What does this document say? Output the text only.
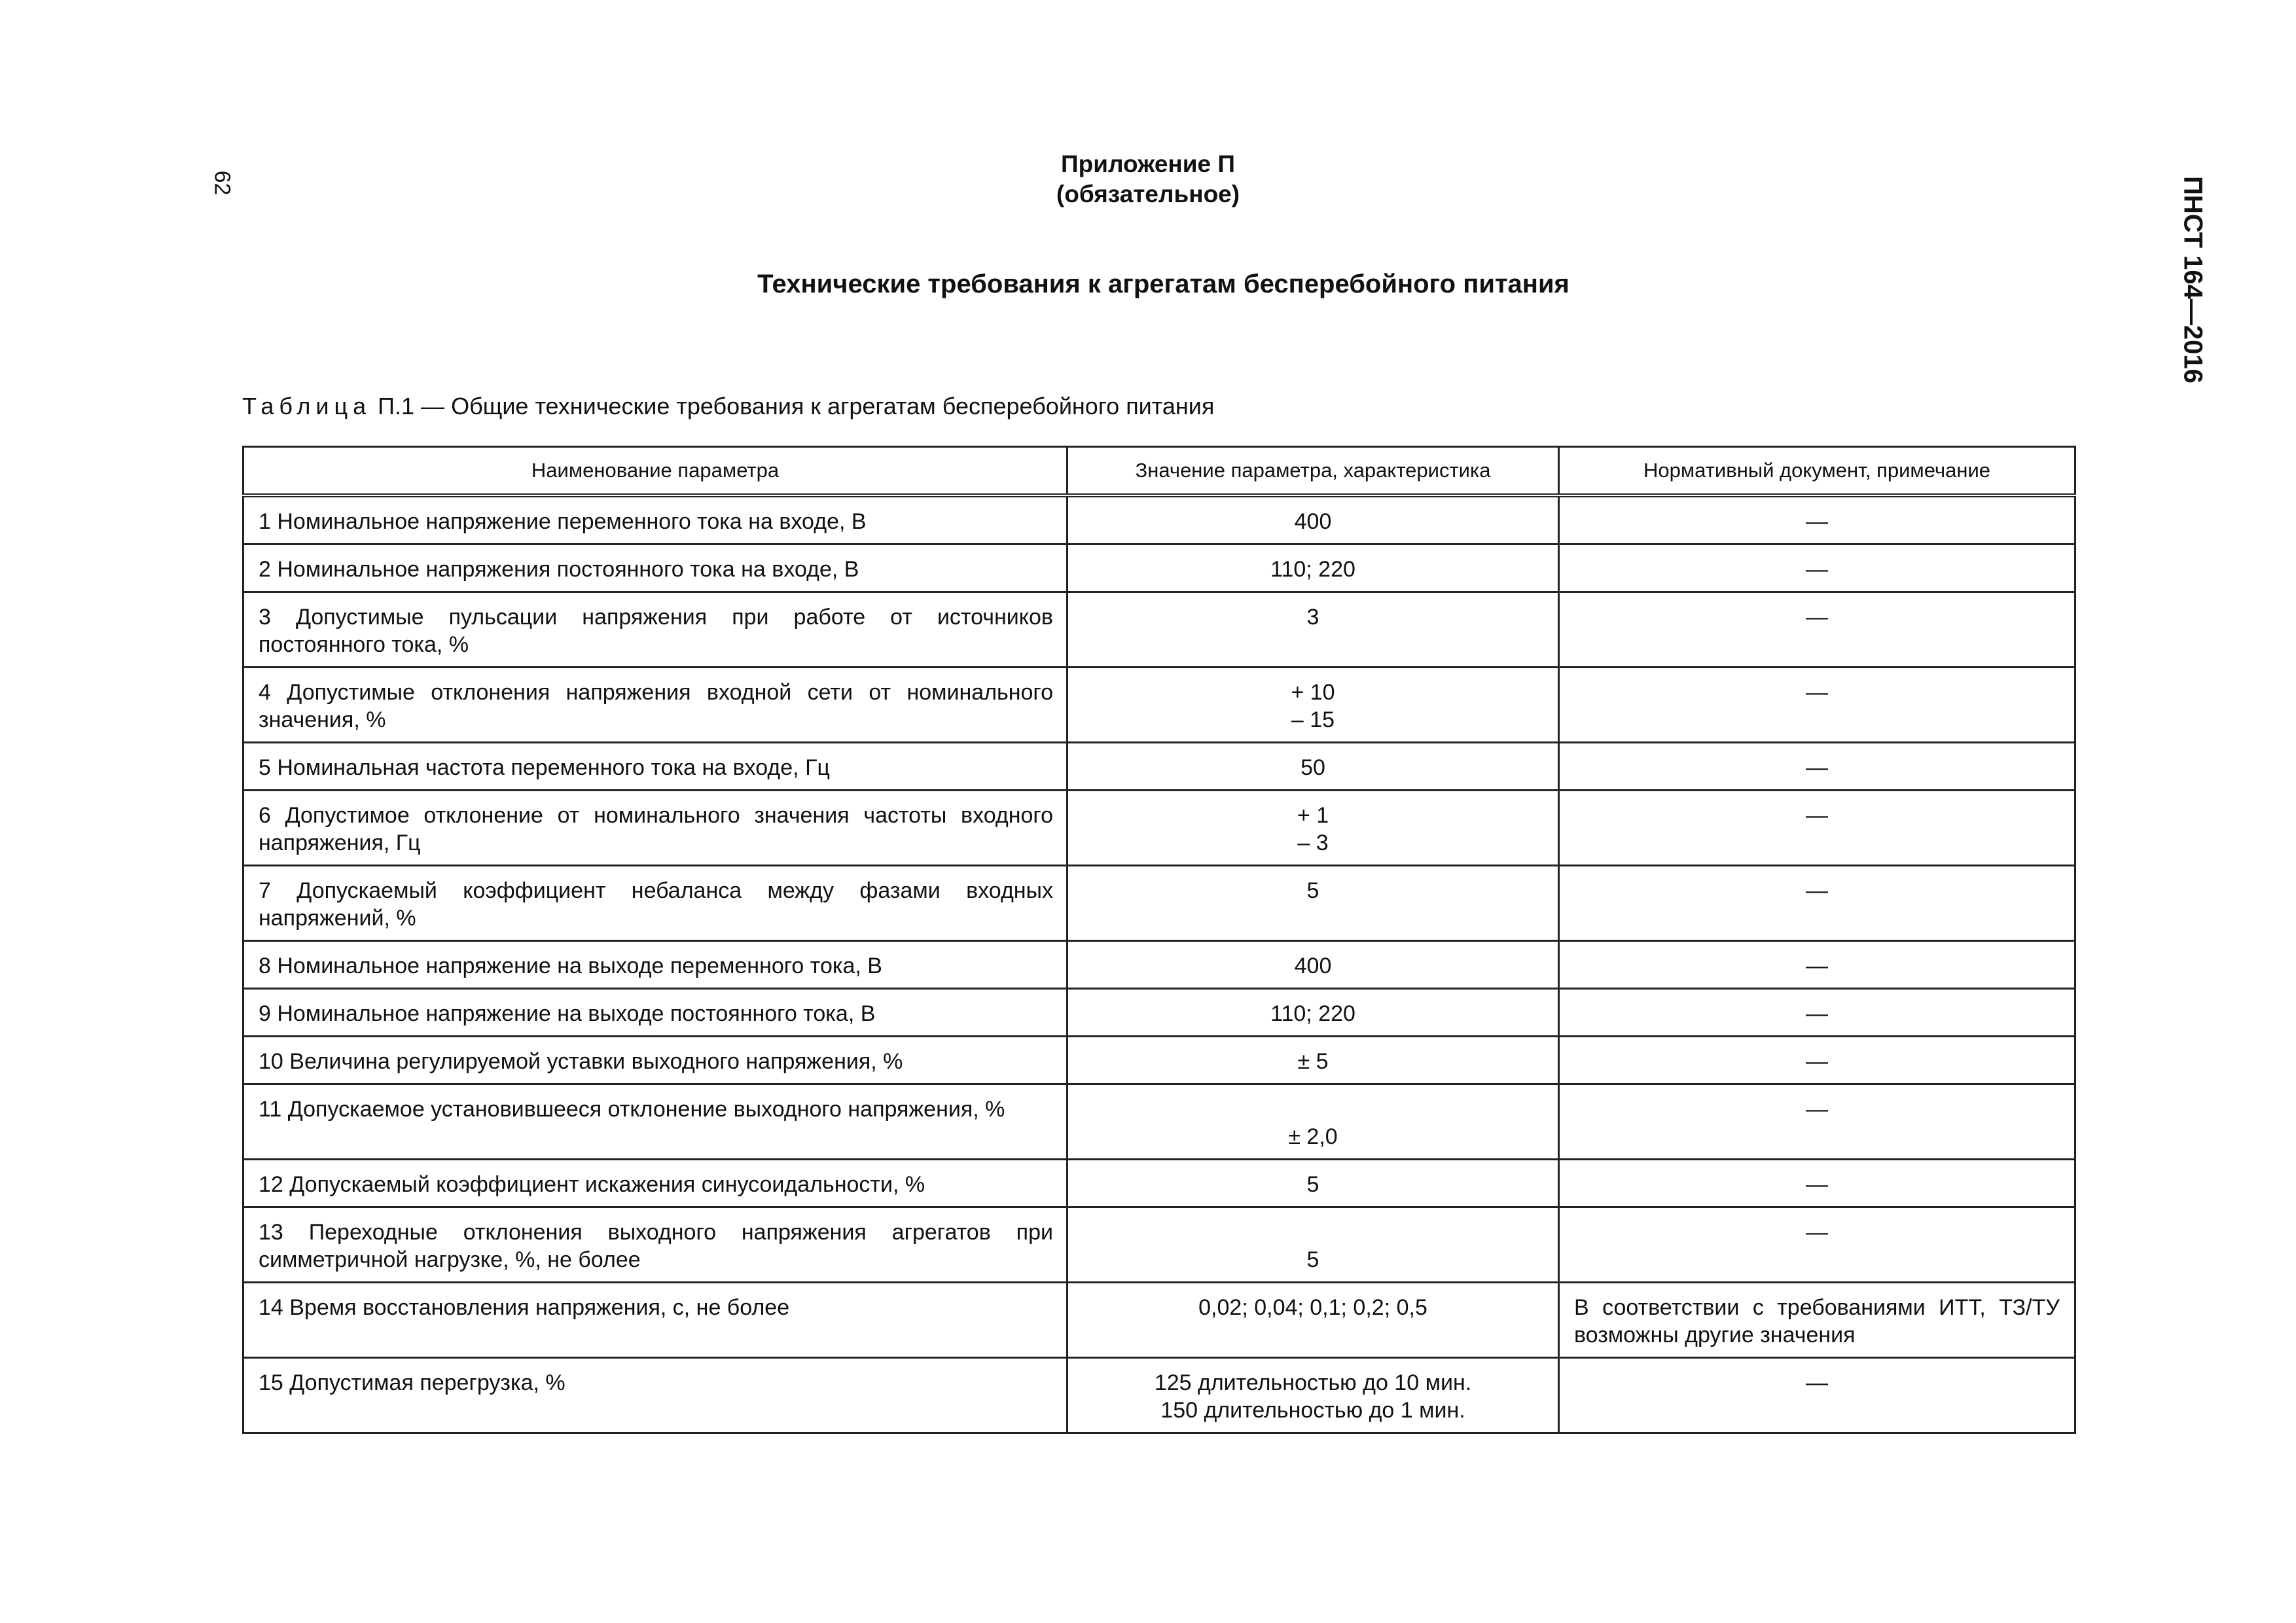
62	ПНСТ 164—2016
Приложение П
(обязательное)
Технические требования к агрегатам бесперебойного питания
Таблица П.1 — Общие технические требования к агрегатам бесперебойного питания
Наименование параметра	Значение параметра, характеристика	Нормативный документ, примечание
1 Номинальное напряжение переменного тока на входе, В	400	—

2 Номинальное напряжения постоянного тока на входе, В	110; 220	—

3 Допустимые пульсации напряжения при работе от источников постоянного тока, %	3	—

4 Допустимые отклонения напряжения входной сети от номинального значения, %	+ 10
– 15	—

5 Номинальная частота переменного тока на входе, Гц	50	—

6 Допустимое отклонение от номинального значения частоты входного напряжения, Гц	+ 1
– 3	—

7 Допускаемый коэффициент небаланса между фазами входных напряжений, %	5	—

8 Номинальное напряжение на выходе переменного тока, В	400	—

9 Номинальное напряжение на выходе постоянного тока, В	110; 220	—

10 Величина регулируемой уставки выходного напряжения, %	± 5	—

11 Допускаемое установившееся отклонение выходного напряжения, %	± 2,0	—

12 Допускаемый коэффициент искажения синусоидальности, %	5	—

13 Переходные отклонения выходного напряжения агрегатов при симметричной нагрузке, %, не более	5	—

14 Время восстановления напряжения, с, не более	0,02; 0,04; 0,1; 0,2; 0,5	В соответствии с требованиями ИТТ, ТЗ/ТУ возможны другие значения

15 Допустимая перегрузка, %	125 длительностью до 10 мин.
150 длительностью до 1 мин.	—
